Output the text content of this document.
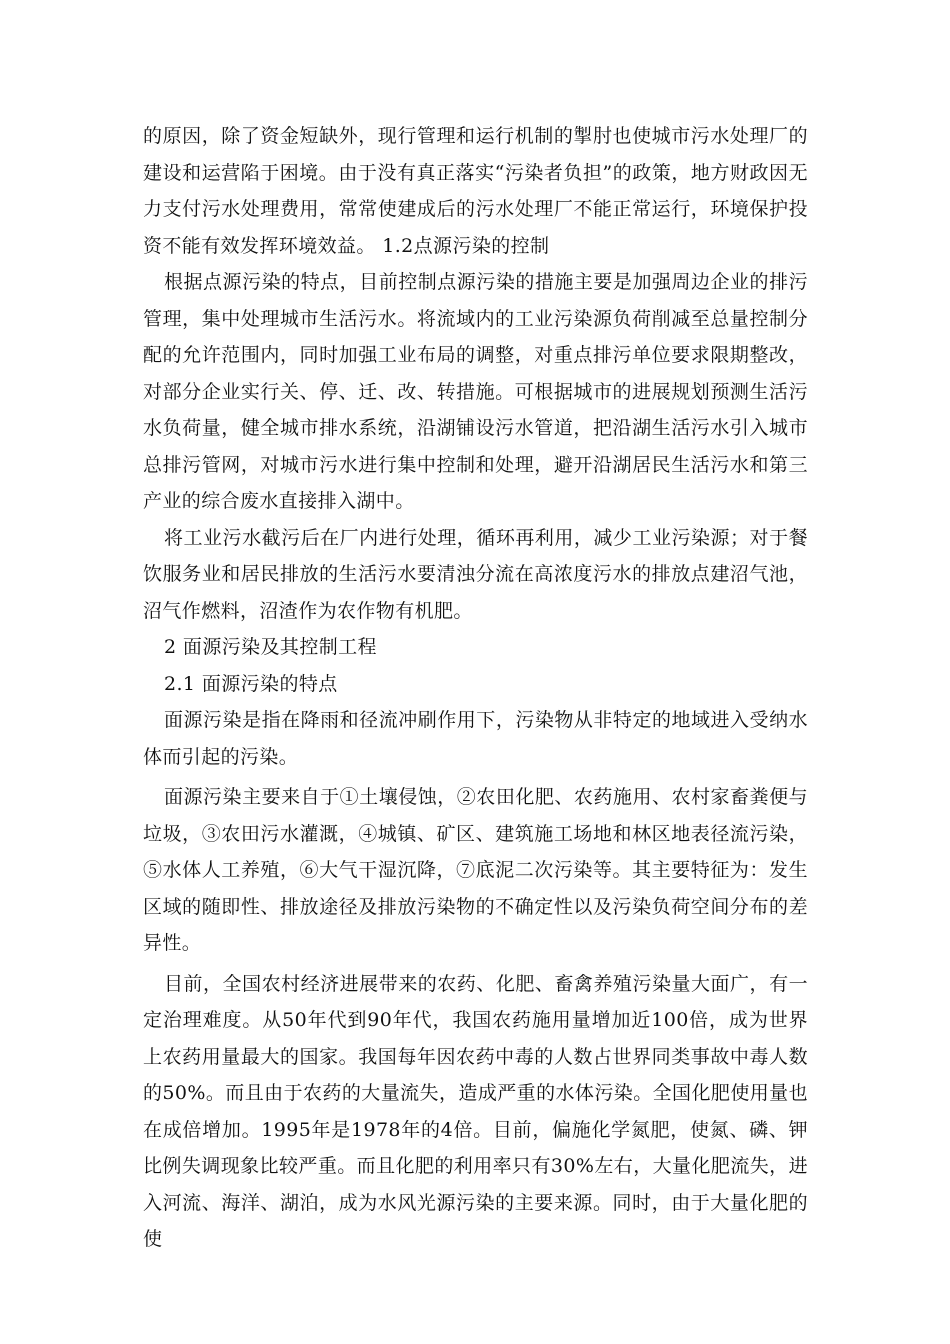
的原因，除了资金短缺外，现行管理和运行机制的掣肘也使城市污水处理厂的建设和运营陷于困境。由于没有真正落实“污染者负担”的政策，地方财政因无力支付污水处理费用，常常使建成后的污水处理厂不能正常运行，环境保护投资不能有效发挥环境效益。 1.2点源污染的控制

根据点源污染的特点，目前控制点源污染的措施主要是加强周边企业的排污管理，集中处理城市生活污水。将流域内的工业污染源负荷削减至总量控制分配的允许范围内，同时加强工业布局的调整，对重点排污单位要求限期整改，对部分企业实行关、停、迁、改、转措施。可根据城市的进展规划预测生活污水负荷量，健全城市排水系统，沿湖铺设污水管道，把沿湖生活污水引入城市总排污管网，对城市污水进行集中控制和处理，避开沿湖居民生活污水和第三产业的综合废水直接排入湖中。

将工业污水截污后在厂内进行处理，循环再利用，减少工业污染源；对于餐饮服务业和居民排放的生活污水要清浊分流在高浓度污水的排放点建沼气池，沼气作燃料，沼渣作为农作物有机肥。

2 面源污染及其控制工程

2.1 面源污染的特点

面源污染是指在降雨和径流冲刷作用下，污染物从非特定的地域进入受纳水体而引起的污染。

面源污染主要来自于①土壤侵蚀，②农田化肥、农药施用、农村家畜粪便与垃圾，③农田污水灌溉，④城镇、矿区、建筑施工场地和林区地表径流污染，⑤水体人工养殖，⑥大气干湿沉降，⑦底泥二次污染等。其主要特征为：发生区域的随即性、排放途径及排放污染物的不确定性以及污染负荷空间分布的差异性。

目前，全国农村经济进展带来的农药、化肥、畜禽养殖污染量大面广，有一定治理难度。从50年代到90年代，我国农药施用量增加近100倍，成为世界上农药用量最大的国家。我国每年因农药中毒的人数占世界同类事故中毒人数的50%。而且由于农药的大量流失，造成严重的水体污染。全国化肥使用量也在成倍增加。1995年是1978年的4倍。目前，偏施化学氮肥，使氮、磷、钾比例失调现象比较严重。而且化肥的利用率只有30%左右，大量化肥流失，进入河流、海洋、湖泊，成为水风光源污染的主要来源。同时，由于大量化肥的使
